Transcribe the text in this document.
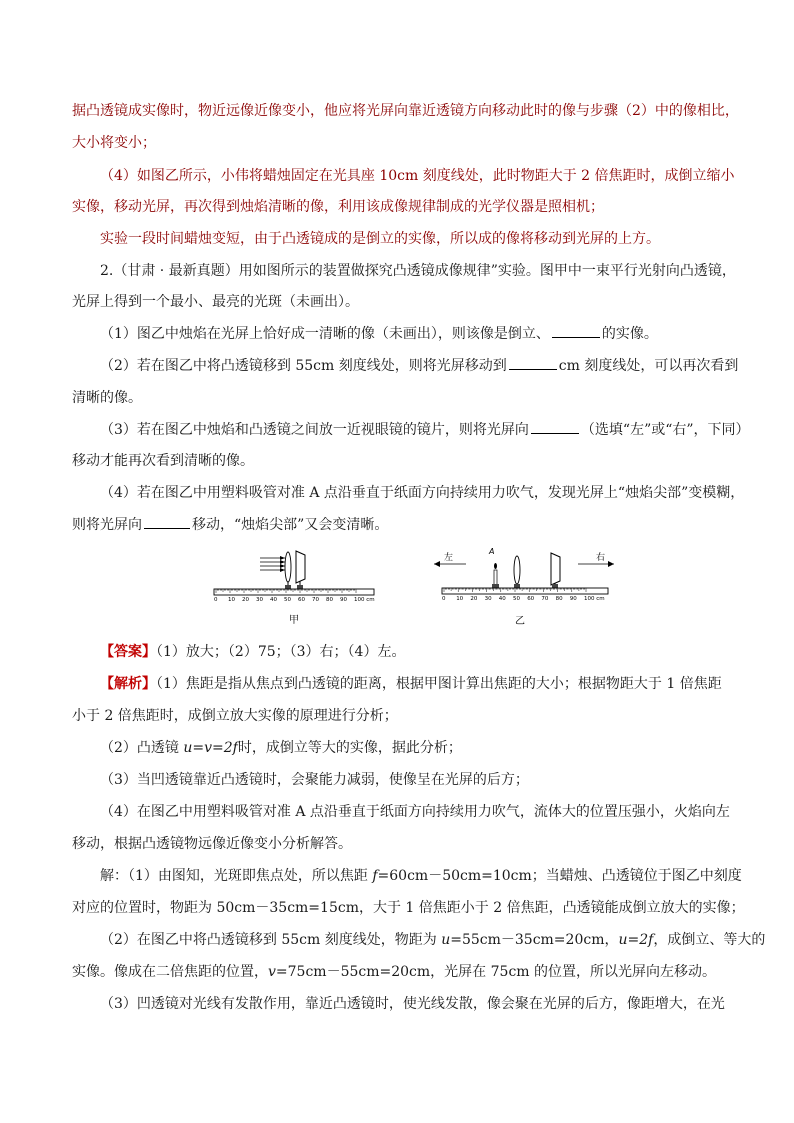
据凸透镜成实像时，物近远像近像变小，他应将光屏向靠近透镜方向移动此时的像与步骤（2）中的像相比，
大小将变小；
（4）如图乙所示，小伟将蜡烛固定在光具座 10cm 刻度线处，此时物距大于 2 倍焦距时，成倒立缩小
实像，移动光屏，再次得到烛焰清晰的像，利用该成像规律制成的光学仪器是照相机；
实验一段时间蜡烛变短，由于凸透镜成的是倒立的实像，所以成的像将移动到光屏的上方。
2.（甘肃 · 最新真题）用如图所示的装置做探究凸透镜成像规律”实验。图甲中一束平行光射向凸透镜，
光屏上得到一个最小、最亮的光斑（未画出）。
（1）图乙中烛焰在光屏上恰好成一清晰的像（未画出），则该像是倒立、	的实像。
（2）若在图乙中将凸透镜移到 55cm 刻度线处，则将光屏移动到	cm 刻度线处，可以再次看到
清晰的像。
（3）若在图乙中烛焰和凸透镜之间放一近视眼镜的镜片，则将光屏向	（选填“左”或“右”，下同）
移动才能再次看到清晰的像。
（4）若在图乙中用塑料吸管对准 A 点沿垂直于纸面方向持续用力吹气，发现光屏上“烛焰尖部”变模糊，
则将光屏向	移动，“烛焰尖部”又会变清晰。
0 10 20 30 40 50 60 70 80 90 100 cm
甲
左	右
A
0 10 20 30 40 50 60 70 80 90 100 cm
乙
【答案】（1）放大；（2）75；（3）右；（4）左。
【解析】（1）焦距是指从焦点到凸透镜的距离，根据甲图计算出焦距的大小；根据物距大于 1 倍焦距
小于 2 倍焦距时，成倒立放大实像的原理进行分析；
（2）凸透镜 u=v=2f时，成倒立等大的实像，据此分析；
（3）当凹透镜靠近凸透镜时，会聚能力减弱，使像呈在光屏的后方；
（4）在图乙中用塑料吸管对准 A 点沿垂直于纸面方向持续用力吹气，流体大的位置压强小，火焰向左
移动，根据凸透镜物远像近像变小分析解答。
解：（1）由图知，光斑即焦点处，所以焦距 f=60cm－50cm=10cm；当蜡烛、凸透镜位于图乙中刻度
对应的位置时，物距为 50cm－35cm=15cm，大于 1 倍焦距小于 2 倍焦距，凸透镜能成倒立放大的实像；
（2）在图乙中将凸透镜移到 55cm 刻度线处，物距为 u=55cm－35cm=20cm，u=2f，成倒立、等大的
实像。像成在二倍焦距的位置，v=75cm－55cm=20cm，光屏在 75cm 的位置，所以光屏向左移动。
（3）凹透镜对光线有发散作用，靠近凸透镜时，使光线发散，像会聚在光屏的后方，像距增大，在光
